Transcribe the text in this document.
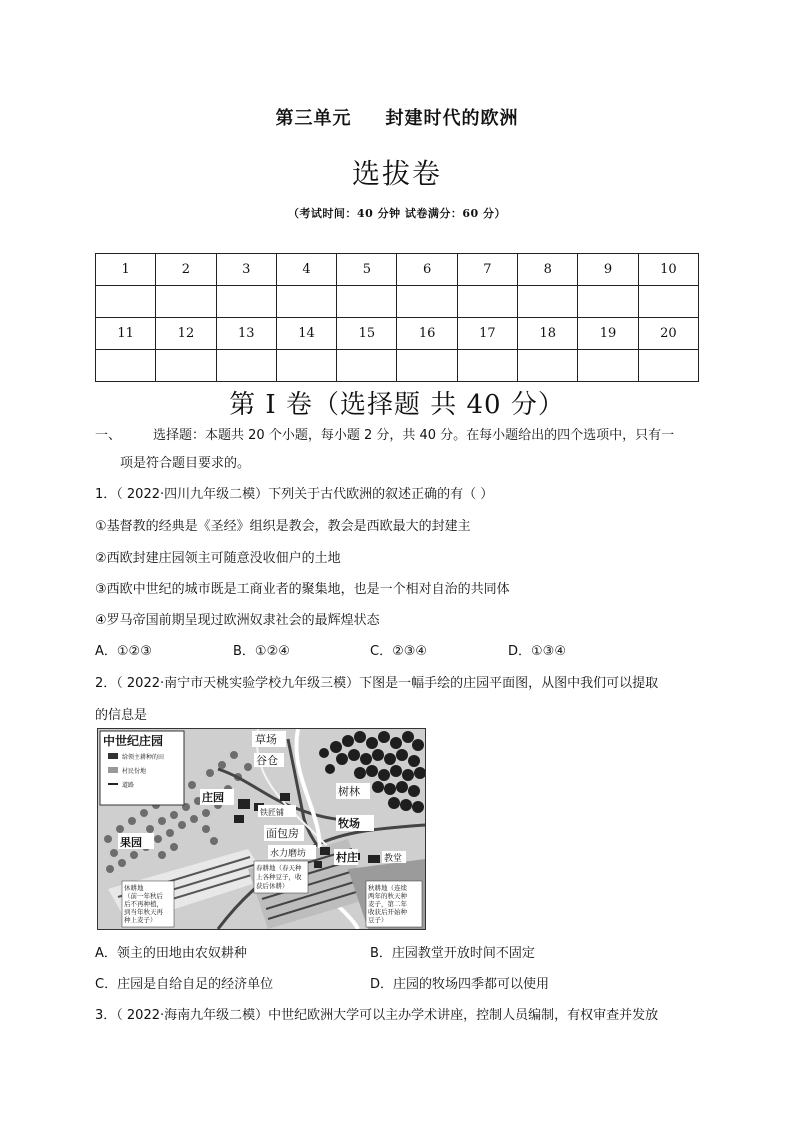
第三单元 封建时代的欧洲
选拔卷
（考试时间：40 分钟 试卷满分：60 分）
1	2	3	4	5	6	7	8	9	10

11	12	13	14	15	16	17	18	19	20

第 I 卷（选择题 共 40 分）
一、 选择题：本题共 20 个小题，每小题 2 分，共 40 分。在每小题给出的四个选项中，只有一
项是符合题目要求的。
1．（ 2022·四川九年级二模）下列关于古代欧洲的叙述正确的有（ ）
①基督教的经典是《圣经》组织是教会，教会是西欧最大的封建主
②西欧封建庄园领主可随意没收佃户的土地
③西欧中世纪的城市既是工商业者的聚集地，也是一个相对自治的共同体
④罗马帝国前期呈现过欧洲奴隶社会的最辉煌状态
A．①②③	B．①②④	C．②③④	D．①③④
2．（ 2022·南宁市天桃实验学校九年级三模）下图是一幅手绘的庄园平面图，从图中我们可以提取
的信息是
中世纪庄园
给领主耕种的田
村民份地
道路
草场
谷仓
庄园
铁匠铺
树林
果园
面包房
牧场
水力磨坊	村庄	教堂
春耕地（春天种
上各种豆子，收
获后休耕）
休耕地
（前一年秋后
后不再种植，
到当年秋天再
种上麦子）
秋耕地（连续
两年的秋天种
麦子，第二年
收获后开始种
豆子）
A．领主的田地由农奴耕种	B．庄园教堂开放时间不固定
C．庄园是自给自足的经济单位	D．庄园的牧场四季都可以使用
3．（ 2022·海南九年级二模）中世纪欧洲大学可以主办学术讲座，控制人员编制，有权审查并发放
